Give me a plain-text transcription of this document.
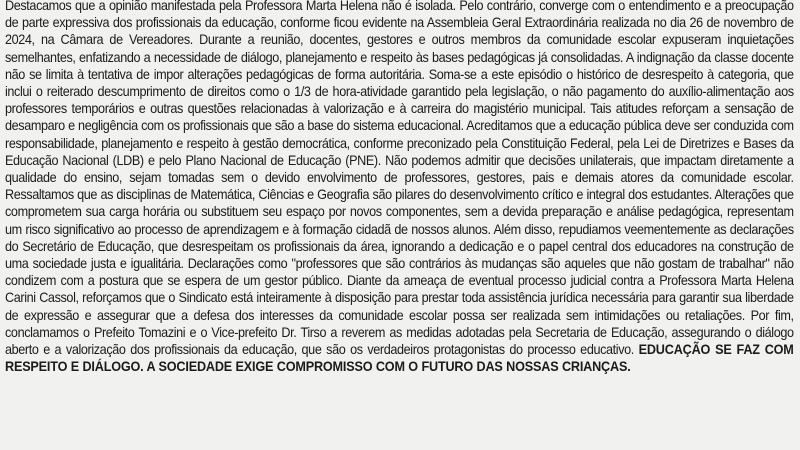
Destacamos que a opinião manifestada pela Professora Marta Helena não é isolada. Pelo contrário, converge com o entendimento e a preocupação de parte expressiva dos profissionais da educação, conforme ficou evidente na Assembleia Geral Extraordinária realizada no dia 26 de novembro de 2024, na Câmara de Vereadores. Durante a reunião, docentes, gestores e outros membros da comunidade escolar expuseram inquietações semelhantes, enfatizando a necessidade de diálogo, planejamento e respeito às bases pedagógicas já consolidadas. A indignação da classe docente não se limita à tentativa de impor alterações pedagógicas de forma autoritária. Soma-se a este episódio o histórico de desrespeito à categoria, que inclui o reiterado descumprimento de direitos como o 1/3 de hora-atividade garantido pela legislação, o não pagamento do auxílio-alimentação aos professores temporários e outras questões relacionadas à valorização e à carreira do magistério municipal. Tais atitudes reforçam a sensação de desamparo e negligência com os profissionais que são a base do sistema educacional. Acreditamos que a educação pública deve ser conduzida com responsabilidade, planejamento e respeito à gestão democrática, conforme preconizado pela Constituição Federal, pela Lei de Diretrizes e Bases da Educação Nacional (LDB) e pelo Plano Nacional de Educação (PNE). Não podemos admitir que decisões unilaterais, que impactam diretamente a qualidade do ensino, sejam tomadas sem o devido envolvimento de professores, gestores, pais e demais atores da comunidade escolar. Ressaltamos que as disciplinas de Matemática, Ciências e Geografia são pilares do desenvolvimento crítico e integral dos estudantes. Alterações que comprometem sua carga horária ou substituem seu espaço por novos componentes, sem a devida preparação e análise pedagógica, representam um risco significativo ao processo de aprendizagem e à formação cidadã de nossos alunos. Além disso, repudiamos veementemente as declarações do Secretário de Educação, que desrespeitam os profissionais da área, ignorando a dedicação e o papel central dos educadores na construção de uma sociedade justa e igualitária. Declarações como "professores que são contrários às mudanças são aqueles que não gostam de trabalhar" não condizem com a postura que se espera de um gestor público. Diante da ameaça de eventual processo judicial contra a Professora Marta Helena Carini Cassol, reforçamos que o Sindicato está inteiramente à disposição para prestar toda assistência jurídica necessária para garantir sua liberdade de expressão e assegurar que a defesa dos interesses da comunidade escolar possa ser realizada sem intimidações ou retaliações. Por fim, conclamamos o Prefeito Tomazini e o Vice-prefeito Dr. Tirso a reverem as medidas adotadas pela Secretaria de Educação, assegurando o diálogo aberto e a valorização dos profissionais da educação, que são os verdadeiros protagonistas do processo educativo. EDUCAÇÃO SE FAZ COM RESPEITO E DIÁLOGO. A SOCIEDADE EXIGE COMPROMISSO COM O FUTURO DAS NOSSAS CRIANÇAS.
